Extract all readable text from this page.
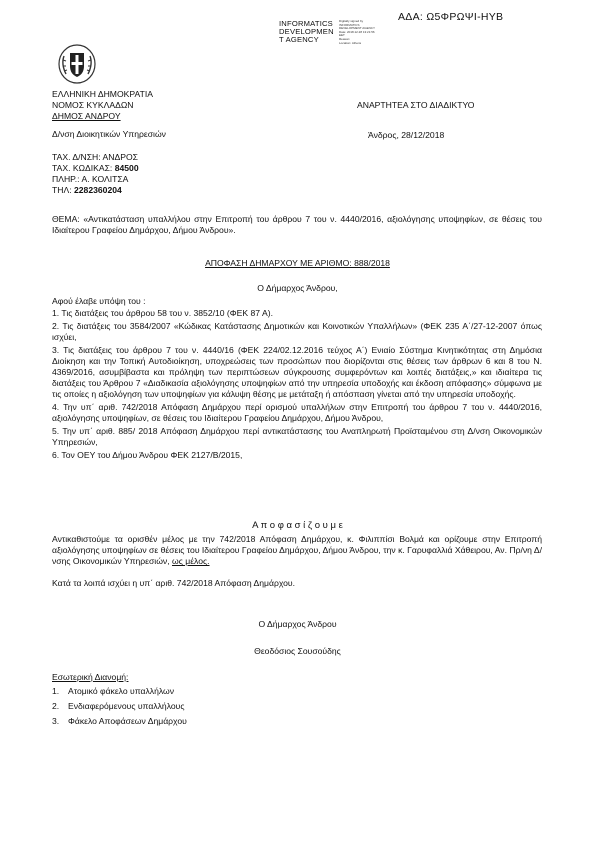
ΑΔΑ: Ω5ΦΡΩΨΙ-ΗΥΒ
INFORMATICS
DEVELOPMEN
T AGENCY
Digitally signed by
INFORMATICS
DEVELOPMENT AGENCY
Date: 2018.12.28 13:21:56
EET
Reason:
Location: Athens
ΕΛΛΗΝΙΚΗ ΔΗΜΟΚΡΑΤΙΑ
ΝΟΜΟΣ ΚΥΚΛΑΔΩΝ
ΔΗΜΟΣ ΑΝΔΡΟΥ
Δ/νση Διοικητικών Υπηρεσιών
ΑΝΑΡΤΗΤΕΑ ΣΤΟ ΔΙΑΔΙΚΤΥΟ
Άνδρος, 28/12/2018
ΤΑΧ. Δ/ΝΣΗ: ΑΝΔΡΟΣ
ΤΑΧ. ΚΩΔΙΚΑΣ: 84500
ΠΛΗΡ.: Α. ΚΟΛΙΤΣΑ
ΤΗΛ: 2282360204
ΘΕΜΑ: «Αντικατάσταση υπαλλήλου στην Επιτροπή του άρθρου 7 του ν. 4440/2016, αξιολόγησης υποψηφίων, σε θέσεις του Ιδιαίτερου Γραφείου Δημάρχου, Δήμου Άνδρου».
ΑΠΟΦΑΣΗ ΔΗΜΑΡΧΟΥ ΜΕ ΑΡΙΘΜΟ: 888/2018
Ο Δήμαρχος Άνδρου,
Αφού έλαβε υπόψη του :
1. Τις διατάξεις του άρθρου 58 του ν. 3852/10 (ΦΕΚ 87 Α).
2. Τις διατάξεις του 3584/2007 «Κώδικας Κατάστασης Δημοτικών και Κοινοτικών Υπαλλήλων» (ΦΕΚ 235 Α΄/27-12-2007 όπως ισχύει,
3. Τις διατάξεις του άρθρου 7 του ν. 4440/16 (ΦΕΚ 224/02.12.2016 τεύχος Α΄) Ενιαίο Σύστημα Κινητικότητας στη Δημόσια Διοίκηση και την Τοπική Αυτοδιοίκηση, υποχρεώσεις των προσώπων που διορίζονται στις θέσεις των άρθρων 6 και 8 του Ν. 4369/2016, ασυμβίβαστα και πρόληψη των περιπτώσεων σύγκρουσης συμφερόντων και λοιπές διατάξεις,» και ιδιαίτερα τις διατάξεις του Άρθρου 7 «Διαδικασία αξιολόγησης υποψηφίων από την υπηρεσία υποδοχής και έκδοση απόφασης» σύμφωνα με τις οποίες η αξιολόγηση των υποψηφίων για κάλυψη θέσης με μετάταξη ή απόσπαση γίνεται από την υπηρεσία υποδοχής.
4. Την υπ΄ αριθ. 742/2018 Απόφαση Δημάρχου περί ορισμού υπαλλήλων στην Επιτροπή του άρθρου 7 του ν. 4440/2016, αξιολόγησης υποψηφίων, σε θέσεις του Ιδιαίτερου Γραφείου Δημάρχου, Δήμου Άνδρου,
5. Την υπ΄ αριθ. 885/ 2018 Απόφαση Δημάρχου περί αντικατάστασης του Αναπληρωτή Προϊσταμένου στη Δ/νση Οικονομικών Υπηρεσιών,
6. Τον ΟΕΥ του Δήμου Άνδρου ΦΕΚ 2127/Β/2015,
Α π ο φ α σ ί ζ ο υ μ ε
Αντικαθιστούμε τα ορισθέν μέλος με την 742/2018 Απόφαση Δημάρχου, κ. Φιλιππίσι Βολμά και ορίζουμε στην Επιτροπή αξιολόγησης υποψηφίων σε θέσεις του Ιδιαίτερου Γραφείου Δημάρχου, Δήμου Άνδρου, την κ. Γαρυφαλλιά Χάθειρου, Αν. Πρ/νη Δ/νσης Οικονομικών Υπηρεσιών, ως μέλος.
Κατά τα λοιπά ισχύει η υπ΄ αριθ. 742/2018 Απόφαση Δημάρχου.
Ο Δήμαρχος Άνδρου
Θεοδόσιος Σουσούδης
Εσωτερική Διανομή:
1. Ατομικό φάκελο υπαλλήλων
2. Ενδιαφερόμενους υπαλλήλους
3. Φάκελο Αποφάσεων Δημάρχου
